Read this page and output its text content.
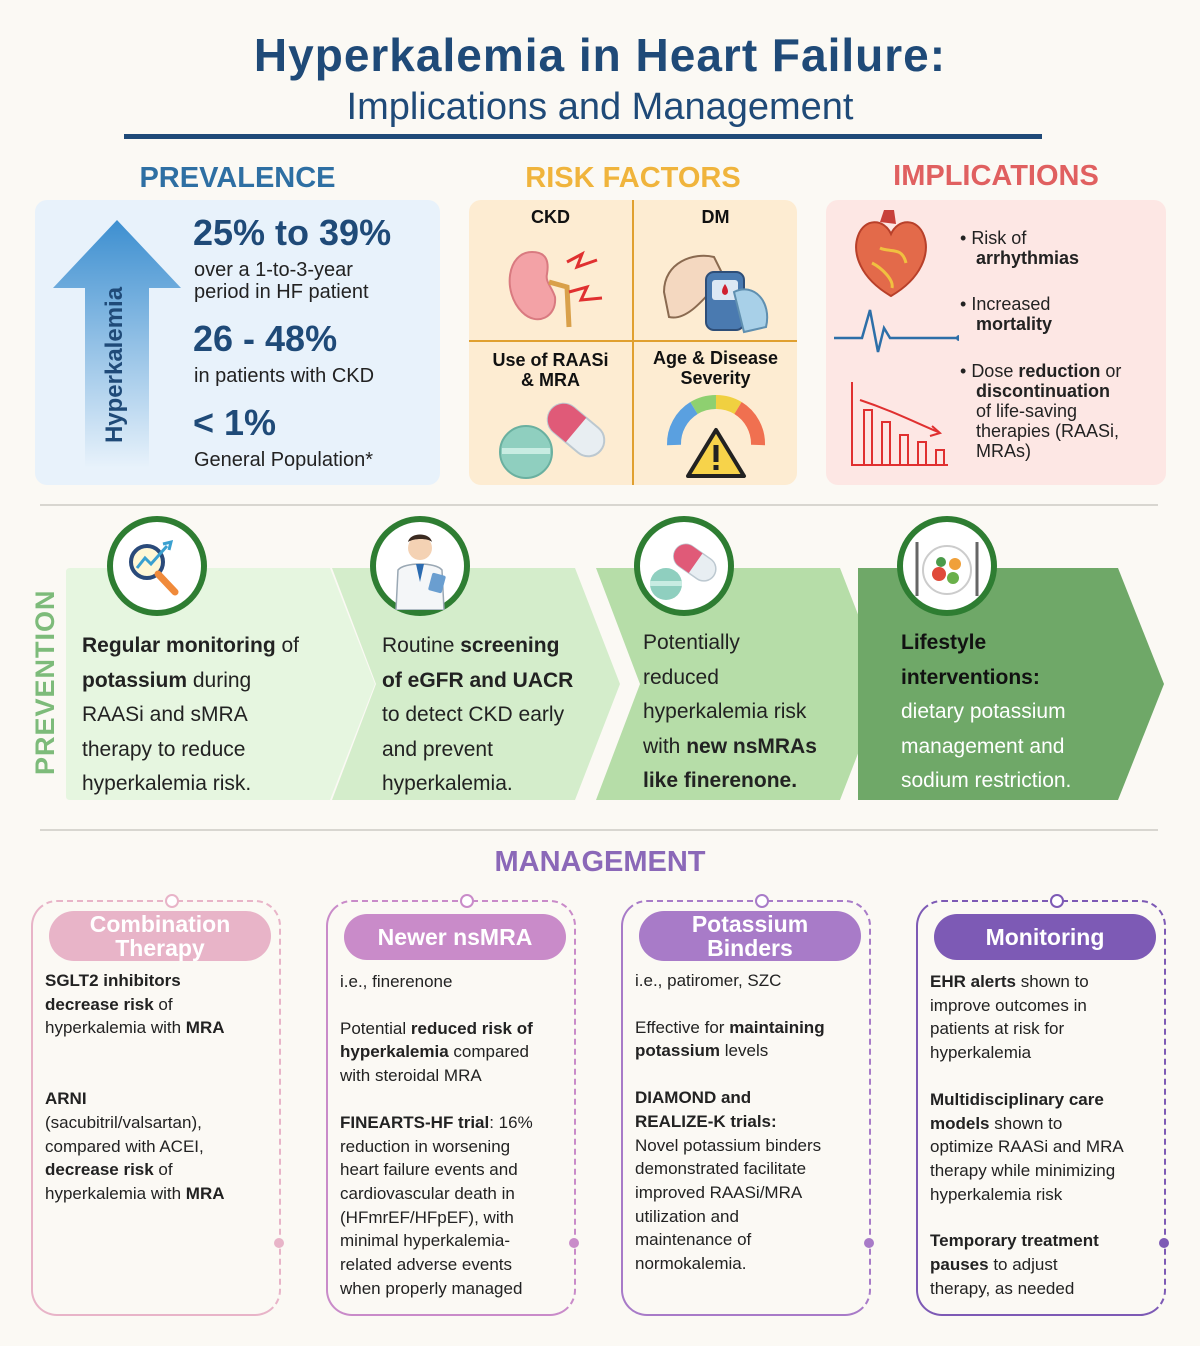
Hyperkalemia in Heart Failure:
Implications and Management
PREVALENCE
Hyperkalemia
25% to 39%
over a 1-to-3-year
period in HF patient
26 - 48%
in patients with CKD
< 1%
General Population*
RISK FACTORS
CKD	DM
Use of RAASi
& MRA
Age & Disease
Severity
IMPLICATIONS
• Risk of
arrhythmias
• Increased
mortality
• Dose reduction or
discontinuation
of life-saving
therapies (RAASi,
MRAs)
PREVENTION Regular monitoring of
potassium during
RAASi and sMRA
therapy to reduce
hyperkalemia risk.
Routine screening
of eGFR and UACR
to detect CKD early
and prevent
hyperkalemia.
Potentially
reduced
hyperkalemia risk
with new nsMRAs
like finerenone.
Lifestyle
interventions:
dietary potassium
management and
sodium restriction.
MANAGEMENT
Combination
Therapy
SGLT2 inhibitors
decrease risk of
hyperkalemia with MRA
ARNI
(sacubitril/valsartan),
compared with ACEI,
decrease risk of
hyperkalemia with MRA
Newer nsMRA
i.e., finerenone
Potential reduced risk of
hyperkalemia compared
with steroidal MRA
FINEARTS-HF trial: 16%
reduction in worsening
heart failure events and
cardiovascular death in
(HFmrEF/HFpEF), with
minimal hyperkalemia-
related adverse events
when properly managed
Potassium
Binders
i.e., patiromer, SZC
Effective for maintaining
potassium levels
DIAMOND and
REALIZE-K trials:
Novel potassium binders
demonstrated facilitate
improved RAASi/MRA
utilization and
maintenance of
normokalemia.
Monitoring
EHR alerts shown to
improve outcomes in
patients at risk for
hyperkalemia
Multidisciplinary care
models shown to
optimize RAASi and MRA
therapy while minimizing
hyperkalemia risk
Temporary treatment
pauses to adjust
therapy, as needed
